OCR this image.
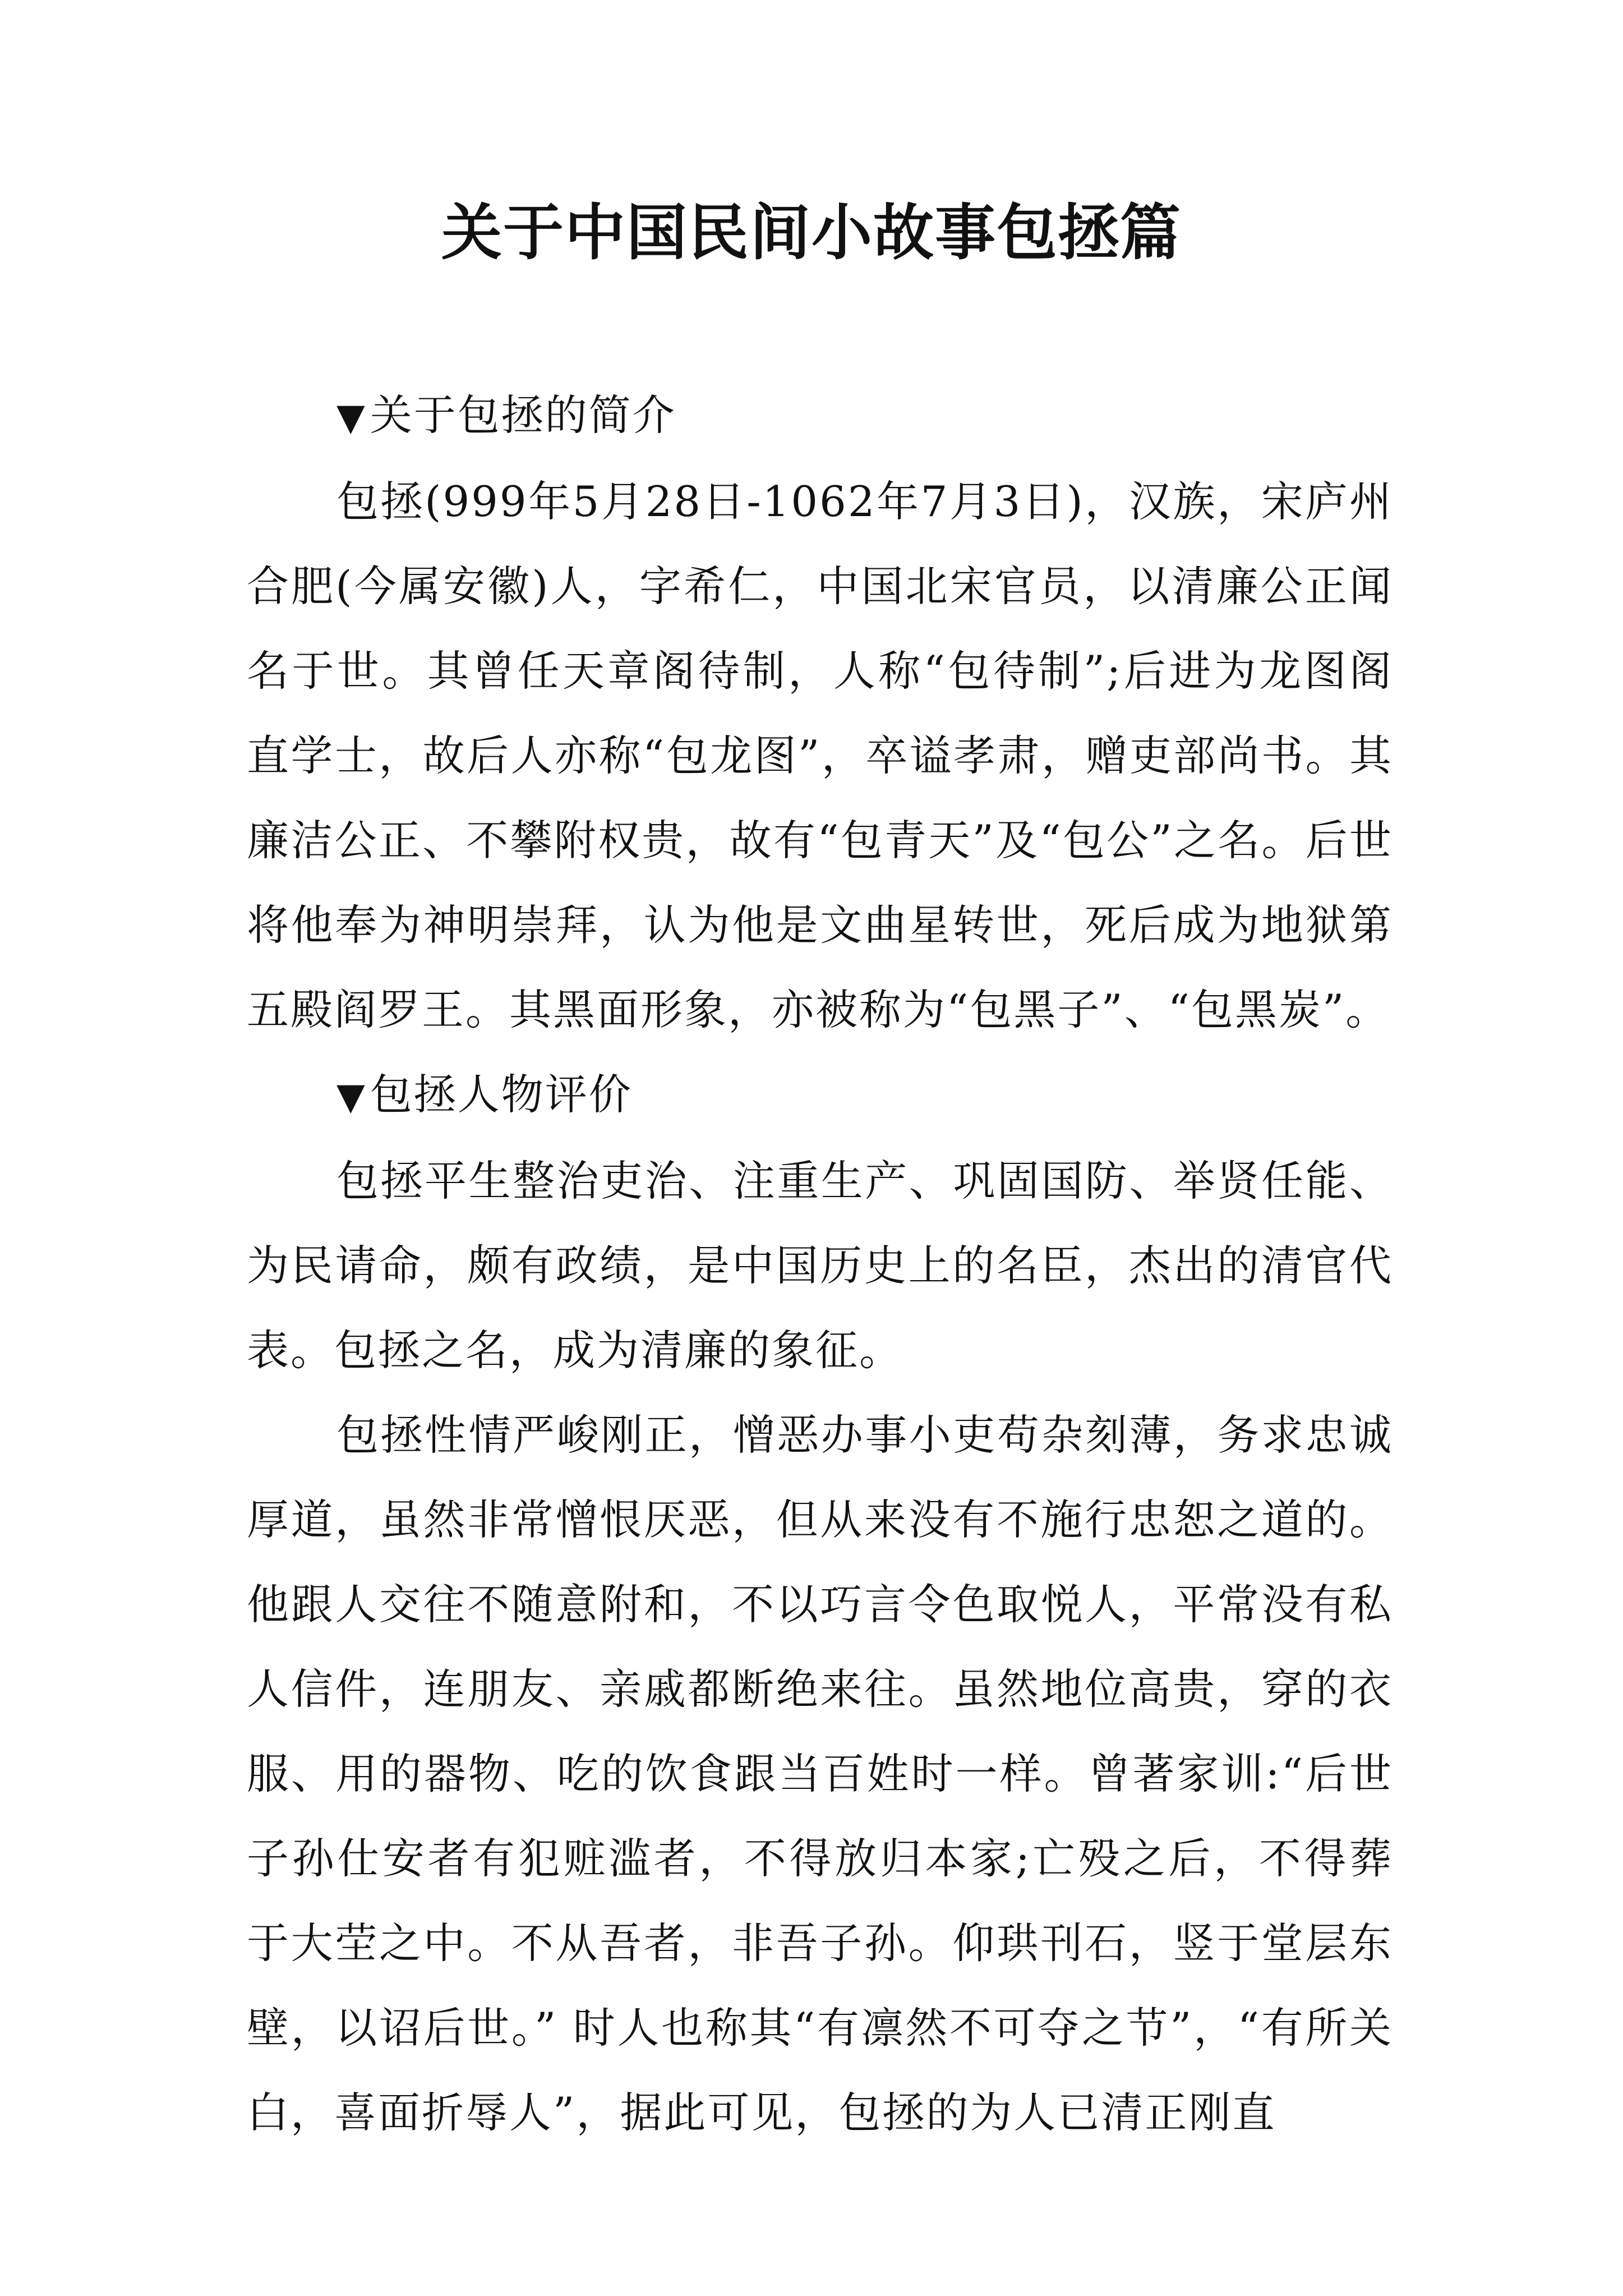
关于中国民间小故事包拯篇
▼关于包拯的简介

包拯(999年5月28日-1062年7月3日)，汉族，宋庐州合肥(今属安徽)人，字希仁，中国北宋官员，以清廉公正闻名于世。其曾任天章阁待制，人称“包待制”;后进为龙图阁直学士，故后人亦称“包龙图”，卒谥孝肃，赠吏部尚书。其廉洁公正、不攀附权贵，故有“包青天”及“包公”之名。后世将他奉为神明崇拜，认为他是文曲星转世，死后成为地狱第五殿阎罗王。其黑面形象，亦被称为“包黑子”、“包黑炭”。

▼包拯人物评价

包拯平生整治吏治、注重生产、巩固国防、举贤任能、为民请命，颇有政绩，是中国历史上的名臣，杰出的清官代表。包拯之名，成为清廉的象征。

包拯性情严峻刚正，憎恶办事小吏苟杂刻薄，务求忠诚厚道，虽然非常憎恨厌恶，但从来没有不施行忠恕之道的。他跟人交往不随意附和，不以巧言令色取悦人，平常没有私人信件，连朋友、亲戚都断绝来往。虽然地位高贵，穿的衣服、用的器物、吃的饮食跟当百姓时一样。曾著家训:“后世子孙仕安者有犯赃滥者，不得放归本家;亡殁之后，不得葬于大茔之中。不从吾者，非吾子孙。仰珙刊石，竖于堂层东壁，以诏后世。” 时人也称其“有凛然不可夺之节”，“有所关白，喜面折辱人”，据此可见，包拯的为人已清正刚直
